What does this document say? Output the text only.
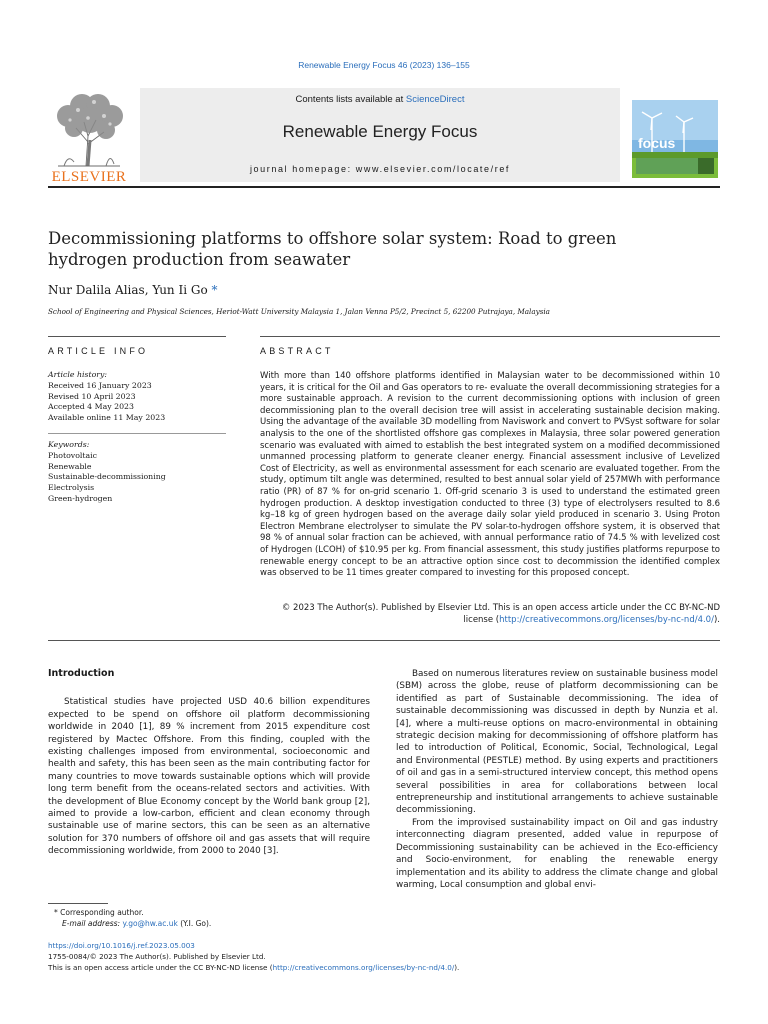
Renewable Energy Focus 46 (2023) 136–155
ELSEVIER
Contents lists available at ScienceDirect
Renewable Energy Focus
journal homepage: www.elsevier.com/locate/ref
focus
Decommissioning platforms to offshore solar system: Road to green hydrogen production from seawater
Nur Dalila Alias, Yun Ii Go *
School of Engineering and Physical Sciences, Heriot-Watt University Malaysia 1, Jalan Venna P5/2, Precinct 5, 62200 Putrajaya, Malaysia
ARTICLE INFO	ABSTRACT
Article history:
Received 16 January 2023
Revised 10 April 2023
Accepted 4 May 2023
Available online 11 May 2023
Keywords:
Photovoltaic
Renewable
Sustainable-decommissioning
Electrolysis
Green-hydrogen
With more than 140 offshore platforms identified in Malaysian water to be decommissioned within 10 years, it is critical for the Oil and Gas operators to re- evaluate the overall decommissioning strategies for a more sustainable approach. A revision to the current decommissioning options with inclusion of green decommissioning plan to the overall decision tree will assist in accelerating sustainable decision making. Using the advantage of the available 3D modelling from Naviswork and convert to PVSyst software for solar analysis to the one of the shortlisted offshore gas complexes in Malaysia, three solar powered generation scenario was evaluated with aimed to establish the best integrated system on a modified decommissioned unmanned processing platform to generate cleaner energy. Financial assessment inclusive of Levelized Cost of Electricity, as well as environmental assessment for each scenario are evaluated together. From the study, optimum tilt angle was determined, resulted to best annual solar yield of 257MWh with performance ratio (PR) of 87 % for on-grid scenario 1. Off-grid scenario 3 is used to understand the estimated green hydrogen production. A desktop investigation conducted to three (3) type of electrolysers resulted to 8.6 kg–18 kg of green hydrogen based on the average daily solar yield produced in scenario 3. Using Proton Electron Membrane electrolyser to simulate the PV solar-to-hydrogen offshore system, it is observed that 98 % of annual solar fraction can be achieved, with annual performance ratio of 74.5 % with levelized cost of Hydrogen (LCOH) of $10.95 per kg. From financial assessment, this study justifies platforms repurpose to renewable energy concept to be an attractive option since cost to decommission the identified complex was observed to be 11 times greater compared to investing for this proposed concept.
© 2023 The Author(s). Published by Elsevier Ltd. This is an open access article under the CC BY-NC-ND license (http://creativecommons.org/licenses/by-nc-nd/4.0/).

Introduction

Statistical studies have projected USD 40.6 billion expenditures expected to be spend on offshore oil platform decommissioning worldwide in 2040 [1], 89 % increment from 2015 expenditure cost registered by Mactec Offshore. From this finding, coupled with the existing challenges imposed from environmental, socioeconomic and health and safety, this has been seen as the main contributing factor for many countries to move towards sustainable options which will provide long term benefit from the oceans-related sectors and activities. With the development of Blue Economy concept by the World bank group [2], aimed to provide a low-carbon, efficient and clean economy through sustainable use of marine sectors, this can be seen as an alternative solution for 370 numbers of offshore oil and gas assets that will require decommissioning worldwide, from 2000 to 2040 [3].

Based on numerous literatures review on sustainable business model (SBM) across the globe, reuse of platform decommissioning can be identified as part of Sustainable decommissioning. The idea of sustainable decommissioning was discussed in depth by Nunzia et al. [4], where a multi-reuse options on macro-environmental in obtaining strategic decision making for decommissioning of offshore platform has led to introduction of Political, Economic, Social, Technological, Legal and Environmental (PESTLE) method. By using experts and practitioners of oil and gas in a semi-structured interview concept, this method opens several possibilities in area for collaborations between local entrepreneurship and institutional arrangements to achieve sustainable decommissioning.

From the improvised sustainability impact on Oil and gas industry interconnecting diagram presented, added value in repurpose of Decommissioning sustainability can be achieved in the Eco-efficiency and Socio-environment, for enabling the renewable energy implementation and its ability to address the climate change and global warming, Local consumption and global envi-

* Corresponding author.
E-mail address: y.go@hw.ac.uk (Y.I. Go).
https://doi.org/10.1016/j.ref.2023.05.003
1755-0084/© 2023 The Author(s). Published by Elsevier Ltd.
This is an open access article under the CC BY-NC-ND license (http://creativecommons.org/licenses/by-nc-nd/4.0/).
